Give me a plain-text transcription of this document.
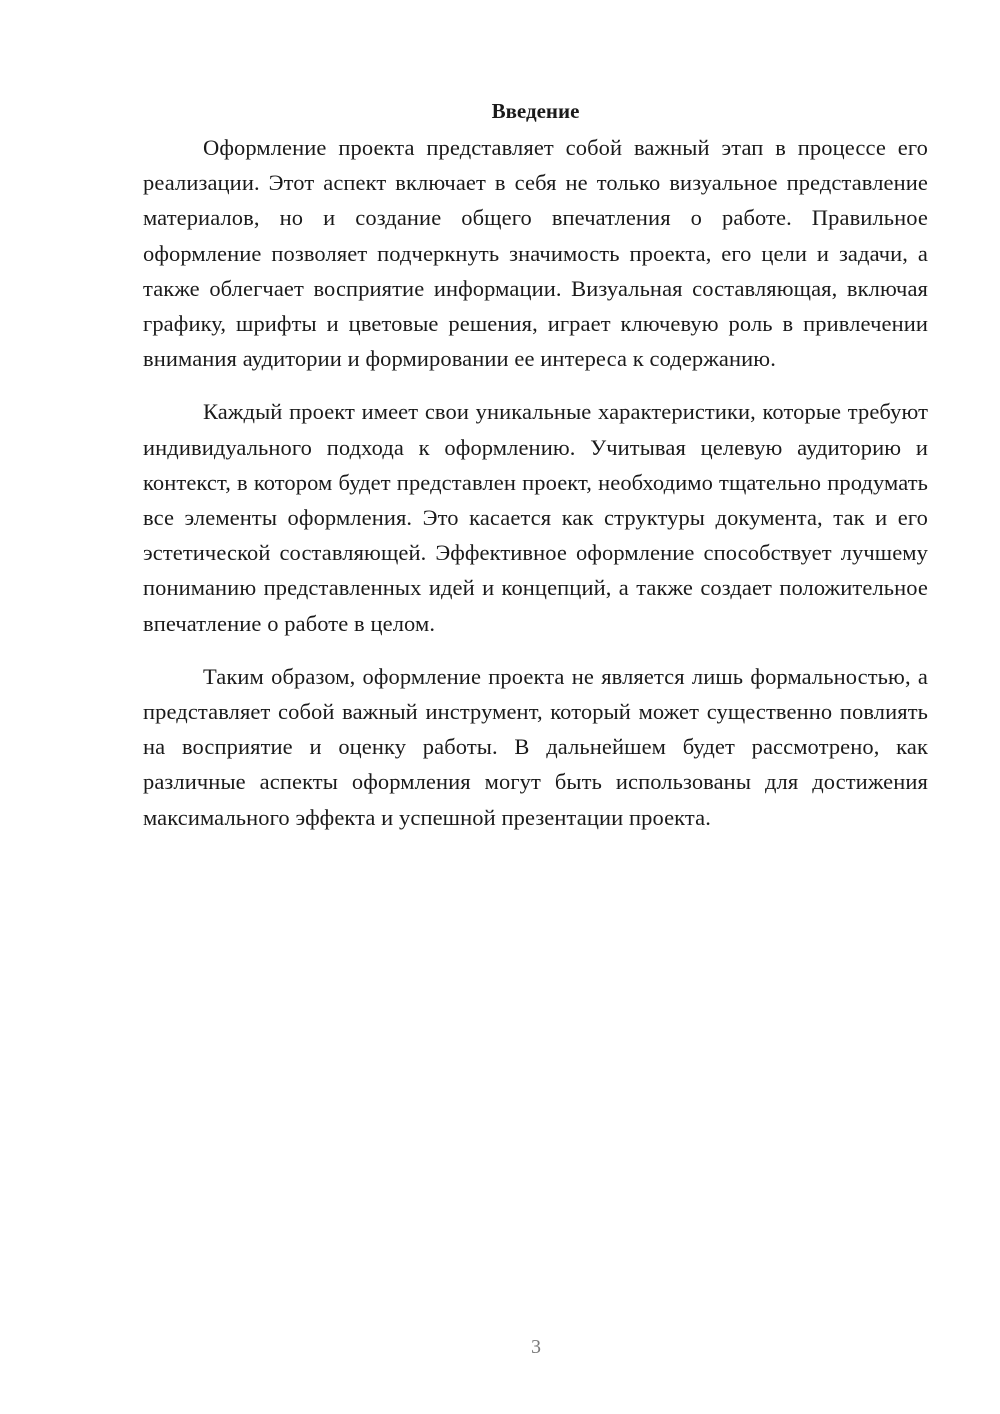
Введение

Оформление проекта представляет собой важный этап в процессе его реализации. Этот аспект включает в себя не только визуальное представление материалов, но и создание общего впечатления о работе. Правильное оформление позволяет подчеркнуть значимость проекта, его цели и задачи, а также облегчает восприятие информации. Визуальная составляющая, включая графику, шрифты и цветовые решения, играет ключевую роль в привлечении внимания аудитории и формировании ее интереса к содержанию.

Каждый проект имеет свои уникальные характеристики, которые требуют индивидуального подхода к оформлению. Учитывая целевую аудиторию и контекст, в котором будет представлен проект, необходимо тщательно продумать все элементы оформления. Это касается как структуры документа, так и его эстетической составляющей. Эффективное оформление способствует лучшему пониманию представленных идей и концепций, а также создает положительное впечатление о работе в целом.

Таким образом, оформление проекта не является лишь формальностью, а представляет собой важный инструмент, который может существенно повлиять на восприятие и оценку работы. В дальнейшем будет рассмотрено, как различные аспекты оформления могут быть использованы для достижения максимального эффекта и успешной презентации проекта.

3
